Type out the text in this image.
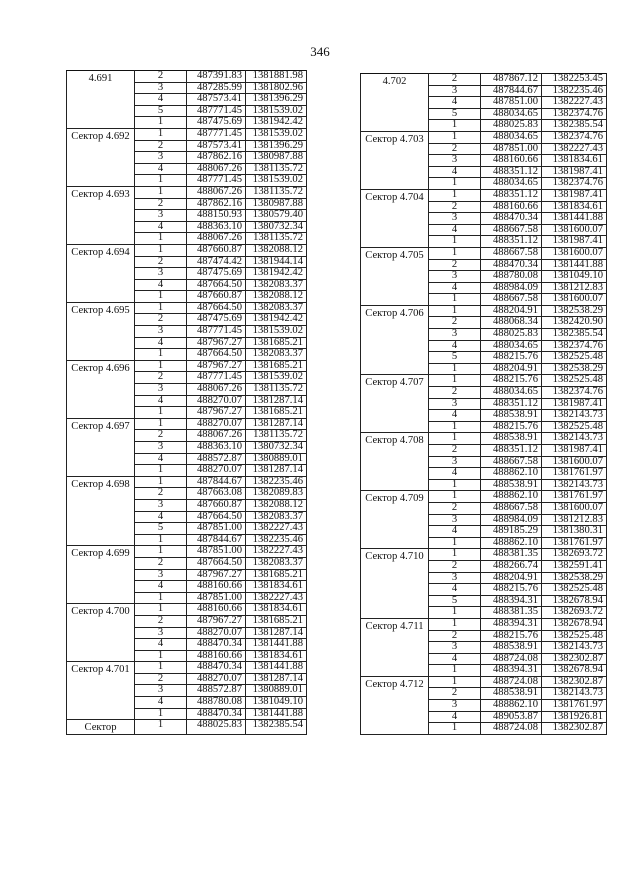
346
4.691	2	487391.83	1381881.98
	3	487285.99	1381802.96
	4	487573.41	1381396.29
	5	487771.45	1381539.02
	1	487475.69	1381942.42
Сектор 4.692	1	487771.45	1381539.02
	2	487573.41	1381396.29
	3	487862.16	1380987.88
	4	488067.26	1381135.72
	1	487771.45	1381539.02
Сектор 4.693	1	488067.26	1381135.72
	2	487862.16	1380987.88
	3	488150.93	1380579.40
	4	488363.10	1380732.34
	1	488067.26	1381135.72
Сектор 4.694	1	487660.87	1382088.12
	2	487474.42	1381944.14
	3	487475.69	1381942.42
	4	487664.50	1382083.37
	1	487660.87	1382088.12
Сектор 4.695	1	487664.50	1382083.37
	2	487475.69	1381942.42
	3	487771.45	1381539.02
	4	487967.27	1381685.21
	1	487664.50	1382083.37
Сектор 4.696	1	487967.27	1381685.21
	2	487771.45	1381539.02
	3	488067.26	1381135.72
	4	488270.07	1381287.14
	1	487967.27	1381685.21
Сектор 4.697	1	488270.07	1381287.14
	2	488067.26	1381135.72
	3	488363.10	1380732.34
	4	488572.87	1380889.01
	1	488270.07	1381287.14
Сектор 4.698	1	487844.67	1382235.46
	2	487663.08	1382089.83
	3	487660.87	1382088.12
	4	487664.50	1382083.37
	5	487851.00	1382227.43
	1	487844.67	1382235.46
Сектор 4.699	1	487851.00	1382227.43
	2	487664.50	1382083.37
	3	487967.27	1381685.21
	4	488160.66	1381834.61
	1	487851.00	1382227.43
Сектор 4.700	1	488160.66	1381834.61
	2	487967.27	1381685.21
	3	488270.07	1381287.14
	4	488470.34	1381441.88
	1	488160.66	1381834.61
Сектор 4.701	1	488470.34	1381441.88
	2	488270.07	1381287.14
	3	488572.87	1380889.01
	4	488780.08	1381049.10
	1	488470.34	1381441.88
Сектор	1	488025.83	1382385.54
4.702	2	487867.12	1382253.45
	3	487844.67	1382235.46
	4	487851.00	1382227.43
	5	488034.65	1382374.76
	1	488025.83	1382385.54
Сектор 4.703	1	488034.65	1382374.76
	2	487851.00	1382227.43
	3	488160.66	1381834.61
	4	488351.12	1381987.41
	1	488034.65	1382374.76
Сектор 4.704	1	488351.12	1381987.41
	2	488160.66	1381834.61
	3	488470.34	1381441.88
	4	488667.58	1381600.07
	1	488351.12	1381987.41
Сектор 4.705	1	488667.58	1381600.07
	2	488470.34	1381441.88
	3	488780.08	1381049.10
	4	488984.09	1381212.83
	1	488667.58	1381600.07
Сектор 4.706	1	488204.91	1382538.29
	2	488068.34	1382420.90
	3	488025.83	1382385.54
	4	488034.65	1382374.76
	5	488215.76	1382525.48
	1	488204.91	1382538.29
Сектор 4.707	1	488215.76	1382525.48
	2	488034.65	1382374.76
	3	488351.12	1381987.41
	4	488538.91	1382143.73
	1	488215.76	1382525.48
Сектор 4.708	1	488538.91	1382143.73
	2	488351.12	1381987.41
	3	488667.58	1381600.07
	4	488862.10	1381761.97
	1	488538.91	1382143.73
Сектор 4.709	1	488862.10	1381761.97
	2	488667.58	1381600.07
	3	488984.09	1381212.83
	4	489185.29	1381380.31
	1	488862.10	1381761.97
Сектор 4.710	1	488381.35	1382693.72
	2	488266.74	1382591.41
	3	488204.91	1382538.29
	4	488215.76	1382525.48
	5	488394.31	1382678.94
	1	488381.35	1382693.72
Сектор 4.711	1	488394.31	1382678.94
	2	488215.76	1382525.48
	3	488538.91	1382143.73
	4	488724.08	1382302.87
	1	488394.31	1382678.94
Сектор 4.712	1	488724.08	1382302.87
	2	488538.91	1382143.73
	3	488862.10	1381761.97
	4	489053.87	1381926.81
	1	488724.08	1382302.87
